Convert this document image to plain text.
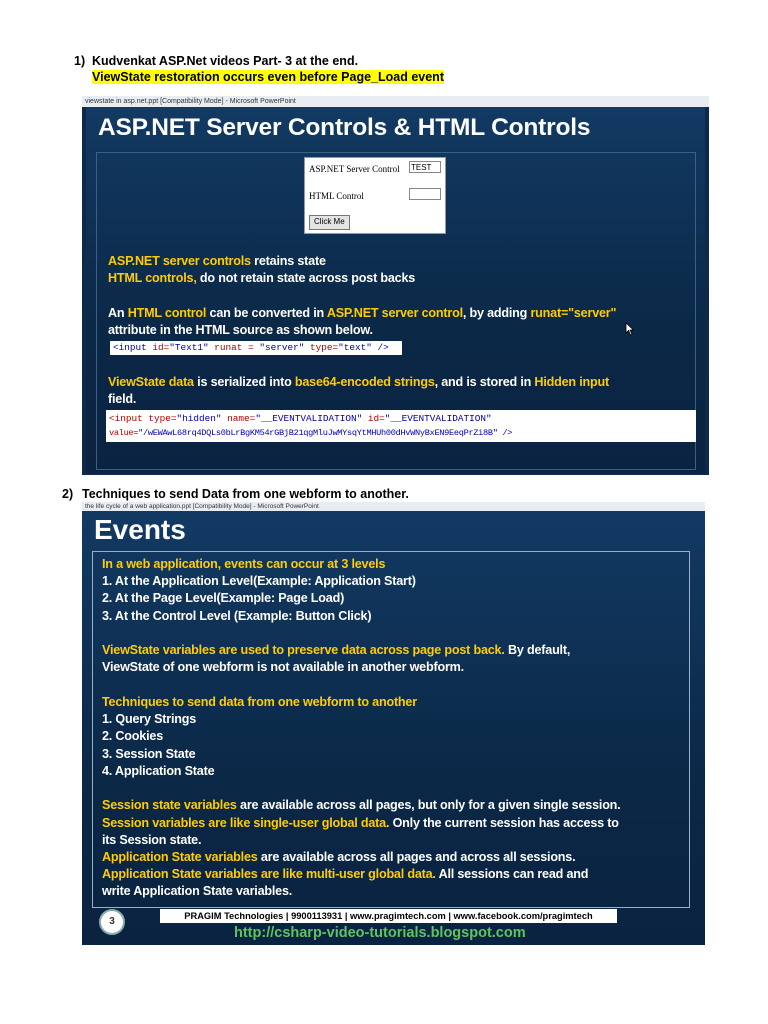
1) Kudvenkat ASP.Net videos Part- 3 at the end.
ViewState restoration occurs even before Page_Load event
viewstate in asp.net.ppt [Compatibility Mode] - Microsoft PowerPoint
ASP.NET Server Controls & HTML Controls
ASP.NET Server Control TEST
HTML Control
Click Me
ASP.NET server controls retains state
HTML controls, do not retain state across post backs
An HTML control can be converted in ASP.NET server control, by adding runat="server"
attribute in the HTML source as shown below.
<input id="Text1" runat = "server" type="text" />
ViewState data is serialized into base64-encoded strings, and is stored in Hidden input
field.
<input type="hidden" name="__EVENTVALIDATION" id="__EVENTVALIDATION"
value="/wEWAwL68rq4DQLs0bLrBgKM54rGBjB21qgMluJwMYsqYtMHUh00dHvWNyBxEN9EeqPrZi8B" />
2) Techniques to send Data from one webform to another.
the life cycle of a web application.ppt [Compatibility Mode] - Microsoft PowerPoint
Events
In a web application, events can occur at 3 levels
1. At the Application Level(Example: Application Start)
2. At the Page Level(Example: Page Load)
3. At the Control Level (Example: Button Click)
ViewState variables are used to preserve data across page post back. By default,
ViewState of one webform is not available in another webform.
Techniques to send data from one webform to another
1. Query Strings
2. Cookies
3. Session State
4. Application State
Session state variables are available across all pages, but only for a given single session.
Session variables are like single-user global data. Only the current session has access to
its Session state.
Application State variables are available across all pages and across all sessions.
Application State variables are like multi-user global data. All sessions can read and
write Application State variables.
3	PRAGIM Technologies | 9900113931 | www.pragimtech.com | www.facebook.com/pragimtech
http://csharp-video-tutorials.blogspot.com
